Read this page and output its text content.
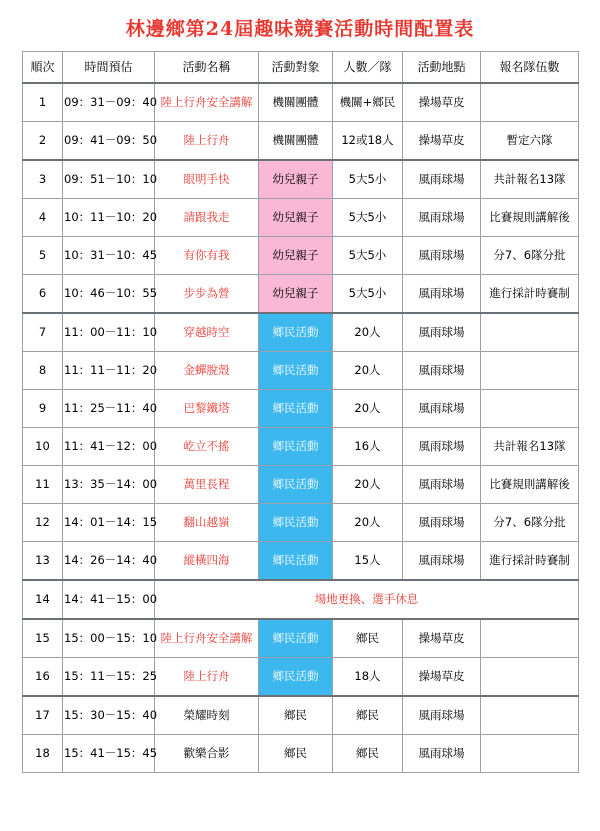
林邊鄉第24屆趣味競賽活動時間配置表
順次	時間預估	活動名稱	活動對象	人數／隊	活動地點	報名隊伍數
1	09：31－09：40	陸上行舟安全講解	機關團體	機關+鄉民	操場草皮	
2	09：41－09：50	陸上行舟	機關團體	12或18人	操場草皮	暫定六隊
3	09：51－10：10	眼明手快	幼兒親子	5大5小	風雨球場	共計報名13隊
4	10：11－10：20	請跟我走	幼兒親子	5大5小	風雨球場	比賽規則講解後
5	10：31－10：45	有你有我	幼兒親子	5大5小	風雨球場	分7、6隊分批
6	10：46－10：55	步步為營	幼兒親子	5大5小	風雨球場	進行採計時賽制
7	11：00－11：10	穿越時空	鄉民活動	20人	風雨球場	
8	11：11－11：20	金蟬脫殼	鄉民活動	20人	風雨球場	
9	11：25－11：40	巴黎鐵塔	鄉民活動	20人	風雨球場	
10	11：41－12：00	屹立不搖	鄉民活動	16人	風雨球場	共計報名13隊
11	13：35－14：00	萬里長程	鄉民活動	20人	風雨球場	比賽規則講解後
12	14：01－14：15	翻山越嶺	鄉民活動	20人	風雨球場	分7、6隊分批
13	14：26－14：40	縱橫四海	鄉民活動	15人	風雨球場	進行採計時賽制
14	14：41－15：00	場地更換、選手休息				
15	15：00－15：10	陸上行舟安全講解	鄉民活動	鄉民	操場草皮	
16	15：11－15：25	陸上行舟	鄉民活動	18人	操場草皮	
17	15：30－15：40	榮耀時刻	鄉民	鄉民	風雨球場	
18	15：41－15：45	歡樂合影	鄉民	鄉民	風雨球場	
